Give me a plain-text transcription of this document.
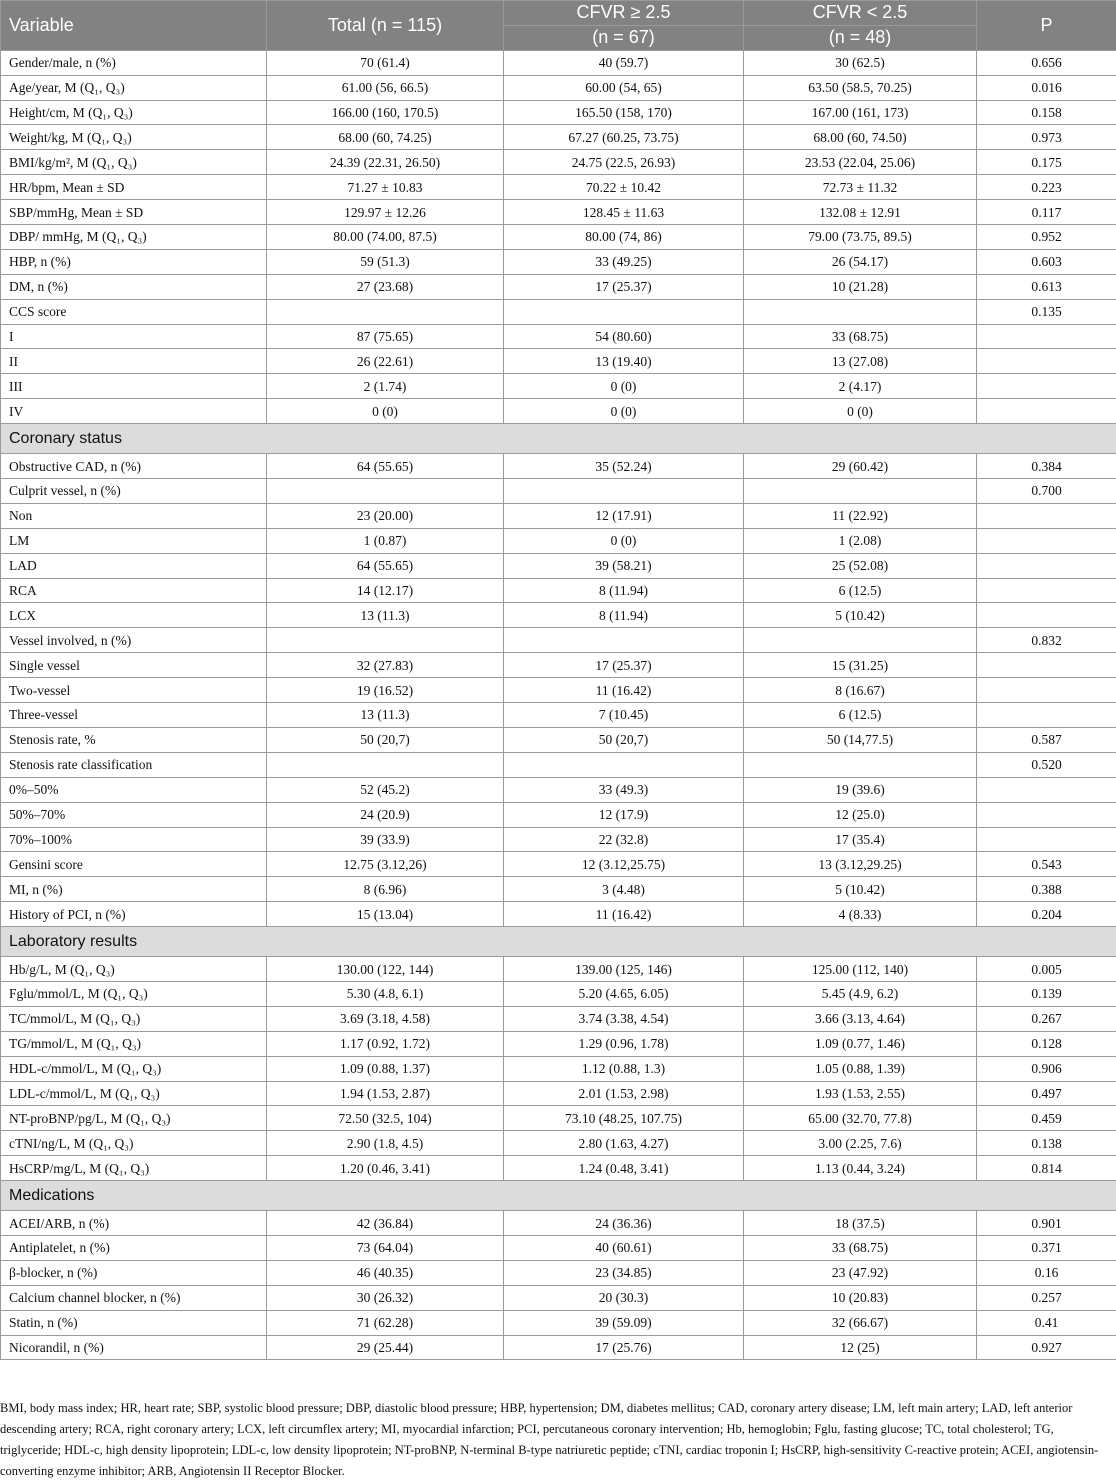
Variable	Total (n = 115)	CFVR ≥ 2.5	CFVR < 2.5	P
		(n = 67)	(n = 48)	
Gender/male, n (%)	70 (61.4)	40 (59.7)	30 (62.5)	0.656
Age/year, M (Q₁, Q₃)	61.00 (56, 66.5)	60.00 (54, 65)	63.50 (58.5, 70.25)	0.016
Height/cm, M (Q₁, Q₃)	166.00 (160, 170.5)	165.50 (158, 170)	167.00 (161, 173)	0.158
Weight/kg, M (Q₁, Q₃)	68.00 (60, 74.25)	67.27 (60.25, 73.75)	68.00 (60, 74.50)	0.973
BMI/kg/m², M (Q₁, Q₃)	24.39 (22.31, 26.50)	24.75 (22.5, 26.93)	23.53 (22.04, 25.06)	0.175
HR/bpm, Mean ± SD	71.27 ± 10.83	70.22 ± 10.42	72.73 ± 11.32	0.223
SBP/mmHg, Mean ± SD	129.97 ± 12.26	128.45 ± 11.63	132.08 ± 12.91	0.117
DBP/ mmHg, M (Q₁, Q₃)	80.00 (74.00, 87.5)	80.00 (74, 86)	79.00 (73.75, 89.5)	0.952
HBP, n (%)	59 (51.3)	33 (49.25)	26 (54.17)	0.603
DM, n (%)	27 (23.68)	17 (25.37)	10 (21.28)	0.613
CCS score				0.135
I	87 (75.65)	54 (80.60)	33 (68.75)	
II	26 (22.61)	13 (19.40)	13 (27.08)	
III	2 (1.74)	0 (0)	2 (4.17)	
IV	0 (0)	0 (0)	0 (0)	
Coronary status				
Obstructive CAD, n (%)	64 (55.65)	35 (52.24)	29 (60.42)	0.384
Culprit vessel, n (%)				0.700
Non	23 (20.00)	12 (17.91)	11 (22.92)	
LM	1 (0.87)	0 (0)	1 (2.08)	
LAD	64 (55.65)	39 (58.21)	25 (52.08)	
RCA	14 (12.17)	8 (11.94)	6 (12.5)	
LCX	13 (11.3)	8 (11.94)	5 (10.42)	
Vessel involved, n (%)				0.832
Single vessel	32 (27.83)	17 (25.37)	15 (31.25)	
Two-vessel	19 (16.52)	11 (16.42)	8 (16.67)	
Three-vessel	13 (11.3)	7 (10.45)	6 (12.5)	
Stenosis rate, %	50 (20,7)	50 (20,7)	50 (14,77.5)	0.587
Stenosis rate classification				0.520
0%–50%	52 (45.2)	33 (49.3)	19 (39.6)	
50%–70%	24 (20.9)	12 (17.9)	12 (25.0)	
70%–100%	39 (33.9)	22 (32.8)	17 (35.4)	
Gensini score	12.75 (3.12,26)	12 (3.12,25.75)	13 (3.12,29.25)	0.543
MI, n (%)	8 (6.96)	3 (4.48)	5 (10.42)	0.388
History of PCI, n (%)	15 (13.04)	11 (16.42)	4 (8.33)	0.204
Laboratory results				
Hb/g/L, M (Q₁, Q₃)	130.00 (122, 144)	139.00 (125, 146)	125.00 (112, 140)	0.005
Fglu/mmol/L, M (Q₁, Q₃)	5.30 (4.8, 6.1)	5.20 (4.65, 6.05)	5.45 (4.9, 6.2)	0.139
TC/mmol/L, M (Q₁, Q₃)	3.69 (3.18, 4.58)	3.74 (3.38, 4.54)	3.66 (3.13, 4.64)	0.267
TG/mmol/L, M (Q₁, Q₃)	1.17 (0.92, 1.72)	1.29 (0.96, 1.78)	1.09 (0.77, 1.46)	0.128
HDL-c/mmol/L, M (Q₁, Q₃)	1.09 (0.88, 1.37)	1.12 (0.88, 1.3)	1.05 (0.88, 1.39)	0.906
LDL-c/mmol/L, M (Q₁, Q₃)	1.94 (1.53, 2.87)	2.01 (1.53, 2.98)	1.93 (1.53, 2.55)	0.497
NT-proBNP/pg/L, M (Q₁, Q₃)	72.50 (32.5, 104)	73.10 (48.25, 107.75)	65.00 (32.70, 77.8)	0.459
cTNI/ng/L, M (Q₁, Q₃)	2.90 (1.8, 4.5)	2.80 (1.63, 4.27)	3.00 (2.25, 7.6)	0.138
HsCRP/mg/L, M (Q₁, Q₃)	1.20 (0.46, 3.41)	1.24 (0.48, 3.41)	1.13 (0.44, 3.24)	0.814
Medications				
ACEI/ARB, n (%)	42 (36.84)	24 (36.36)	18 (37.5)	0.901
Antiplatelet, n (%)	73 (64.04)	40 (60.61)	33 (68.75)	0.371
β-blocker, n (%)	46 (40.35)	23 (34.85)	23 (47.92)	0.16
Calcium channel blocker, n (%)	30 (26.32)	20 (30.3)	10 (20.83)	0.257
Statin, n (%)	71 (62.28)	39 (59.09)	32 (66.67)	0.41
Nicorandil, n (%)	29 (25.44)	17 (25.76)	12 (25)	0.927
BMI, body mass index; HR, heart rate; SBP, systolic blood pressure; DBP, diastolic blood pressure; HBP, hypertension; DM, diabetes mellitus; CAD, coronary artery disease; LM, left main artery; LAD, left anterior descending artery; RCA, right coronary artery; LCX, left circumflex artery; MI, myocardial infarction; PCI, percutaneous coronary intervention; Hb, hemoglobin; Fglu, fasting glucose; TC, total cholesterol; TG, triglyceride; HDL-c, high density lipoprotein; LDL-c, low density lipoprotein; NT-proBNP, N-terminal B-type natriuretic peptide; cTNI, cardiac troponin I; HsCRP, high-sensitivity C-reactive protein; ACEI, angiotensin-converting enzyme inhibitor; ARB, Angiotensin II Receptor Blocker.
